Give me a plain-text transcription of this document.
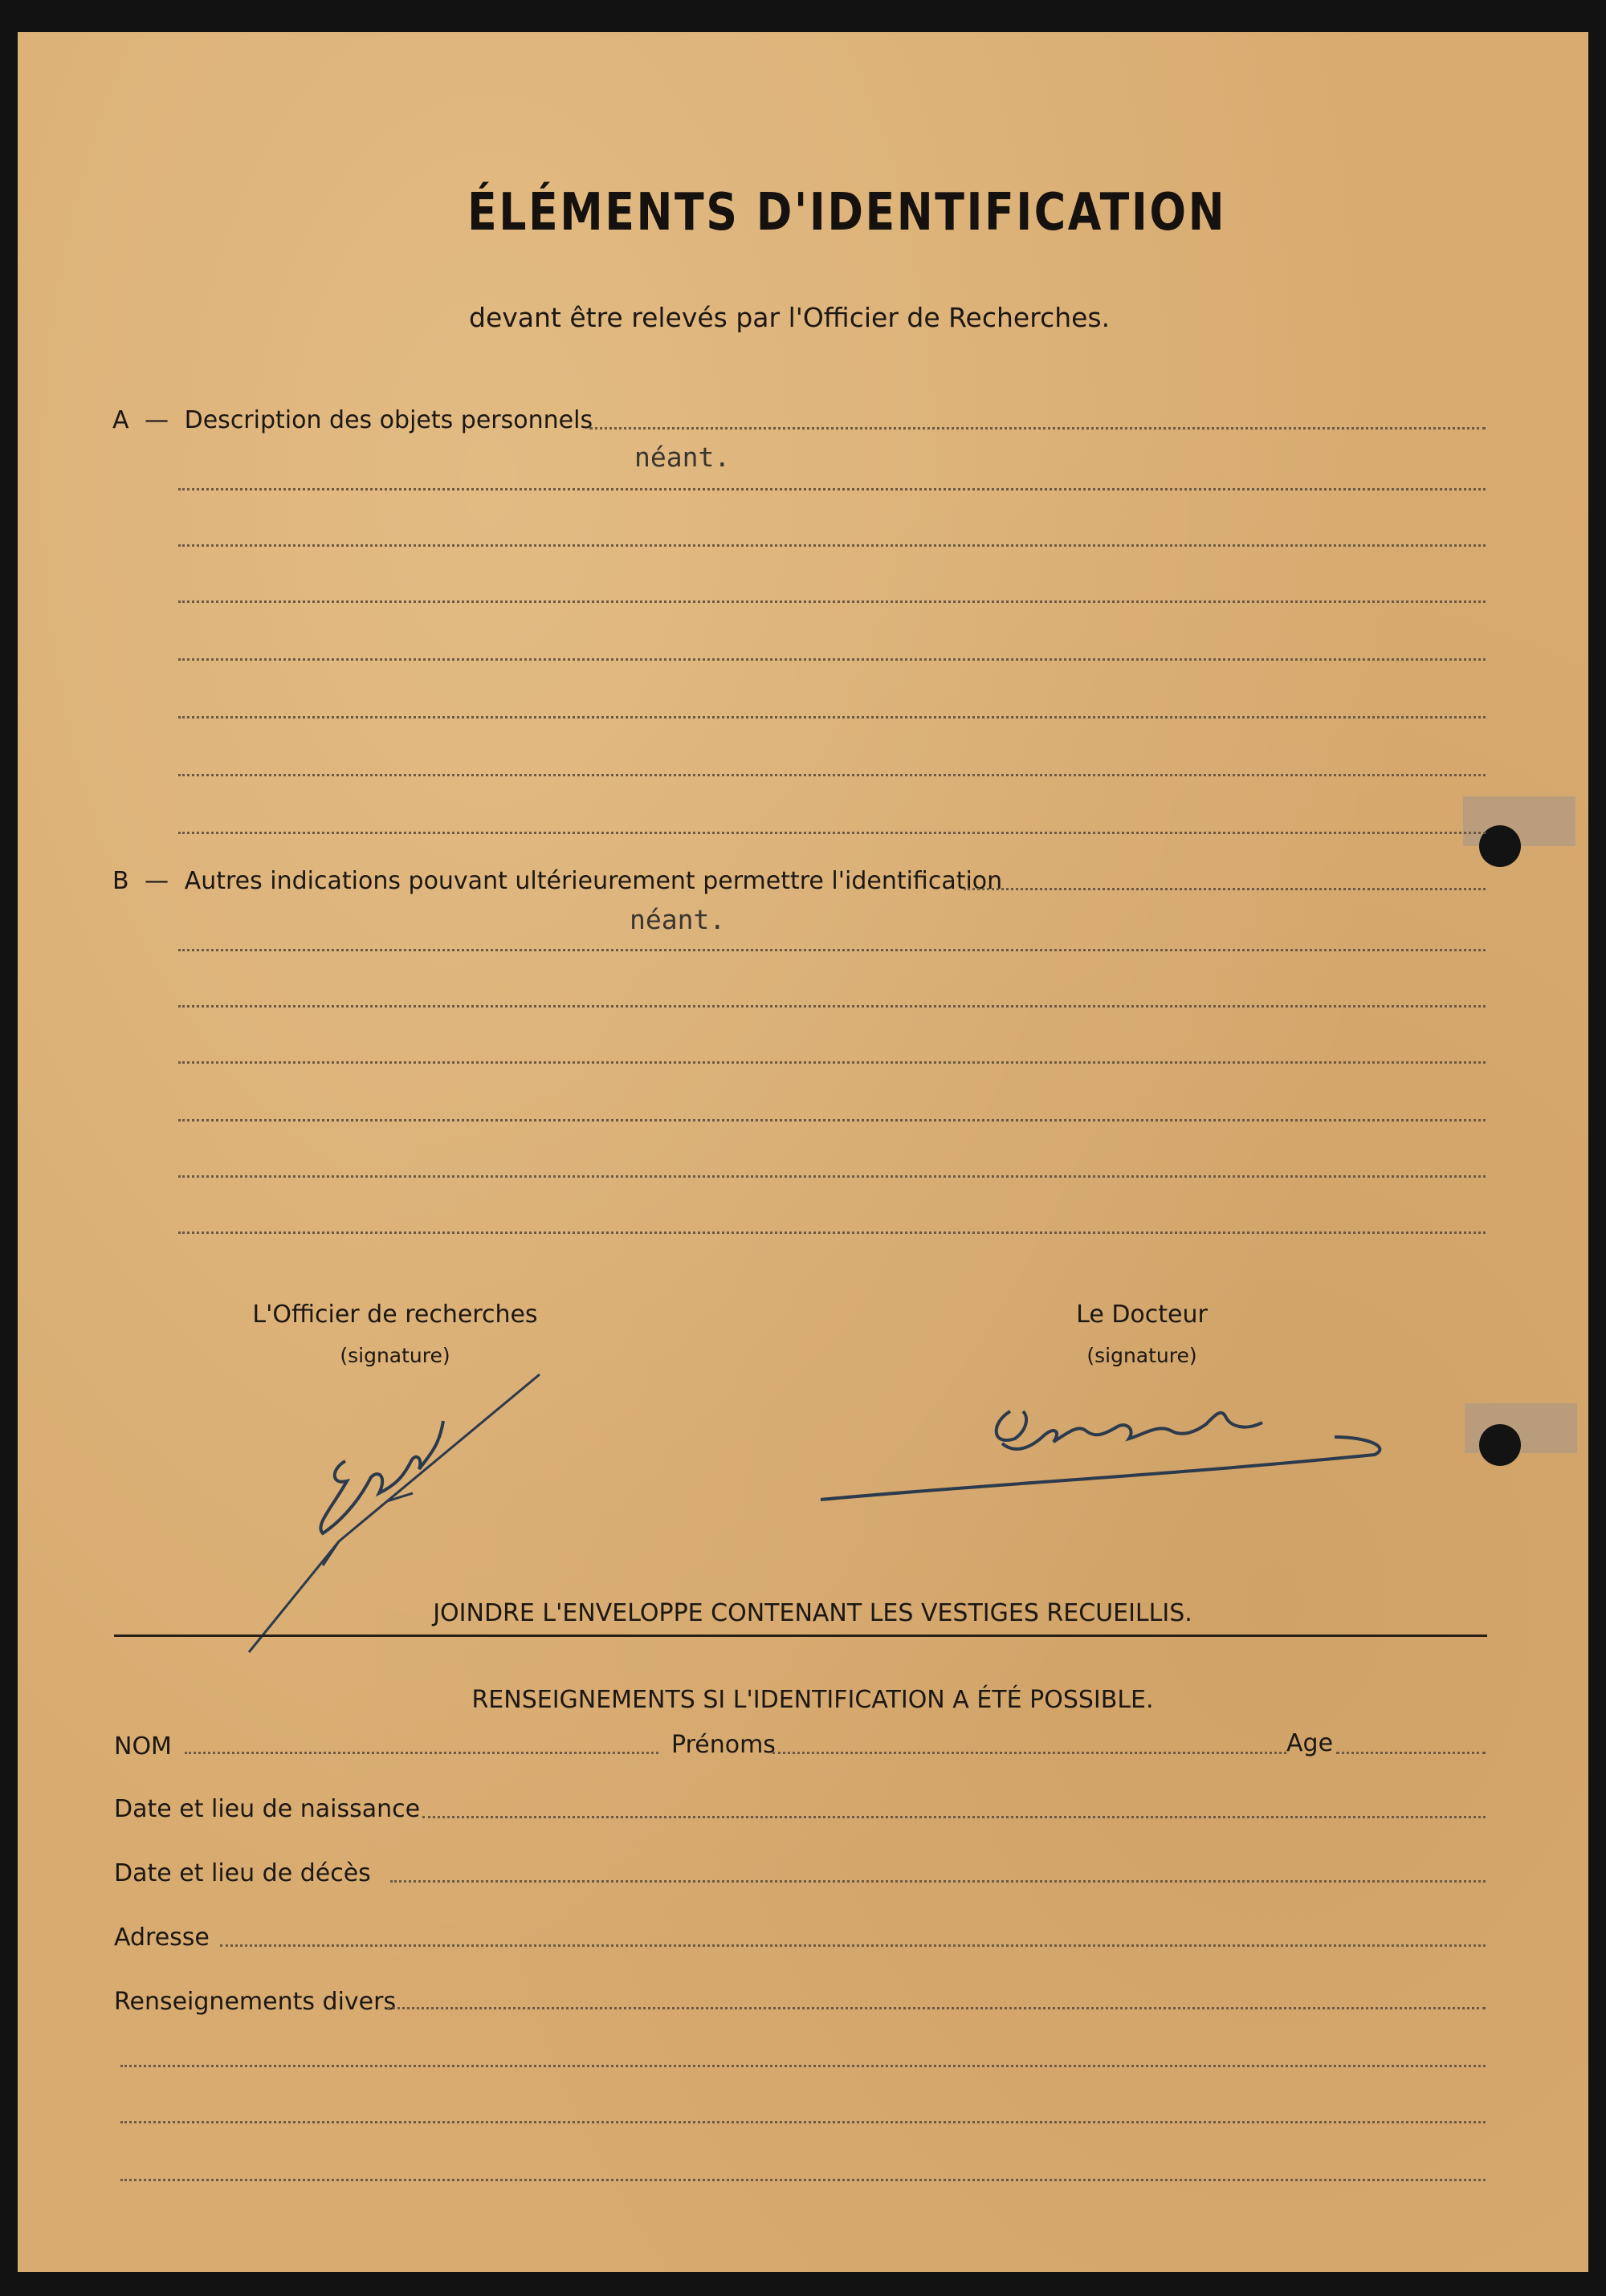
ÉLÉMENTS D'IDENTIFICATION
devant être relevés par l'Officier de Recherches.
A — Description des objets personnels
néant.
B — Autres indications pouvant ultérieurement permettre l'identification
néant.
L'Officier de recherches
(signature)
Le Docteur
(signature)
JOINDRE L'ENVELOPPE CONTENANT LES VESTIGES RECUEILLIS.
RENSEIGNEMENTS SI L'IDENTIFICATION A ÉTÉ POSSIBLE.
NOM	Prénoms	Age
Date et lieu de naissance
Date et lieu de décès
Adresse
Renseignements divers
